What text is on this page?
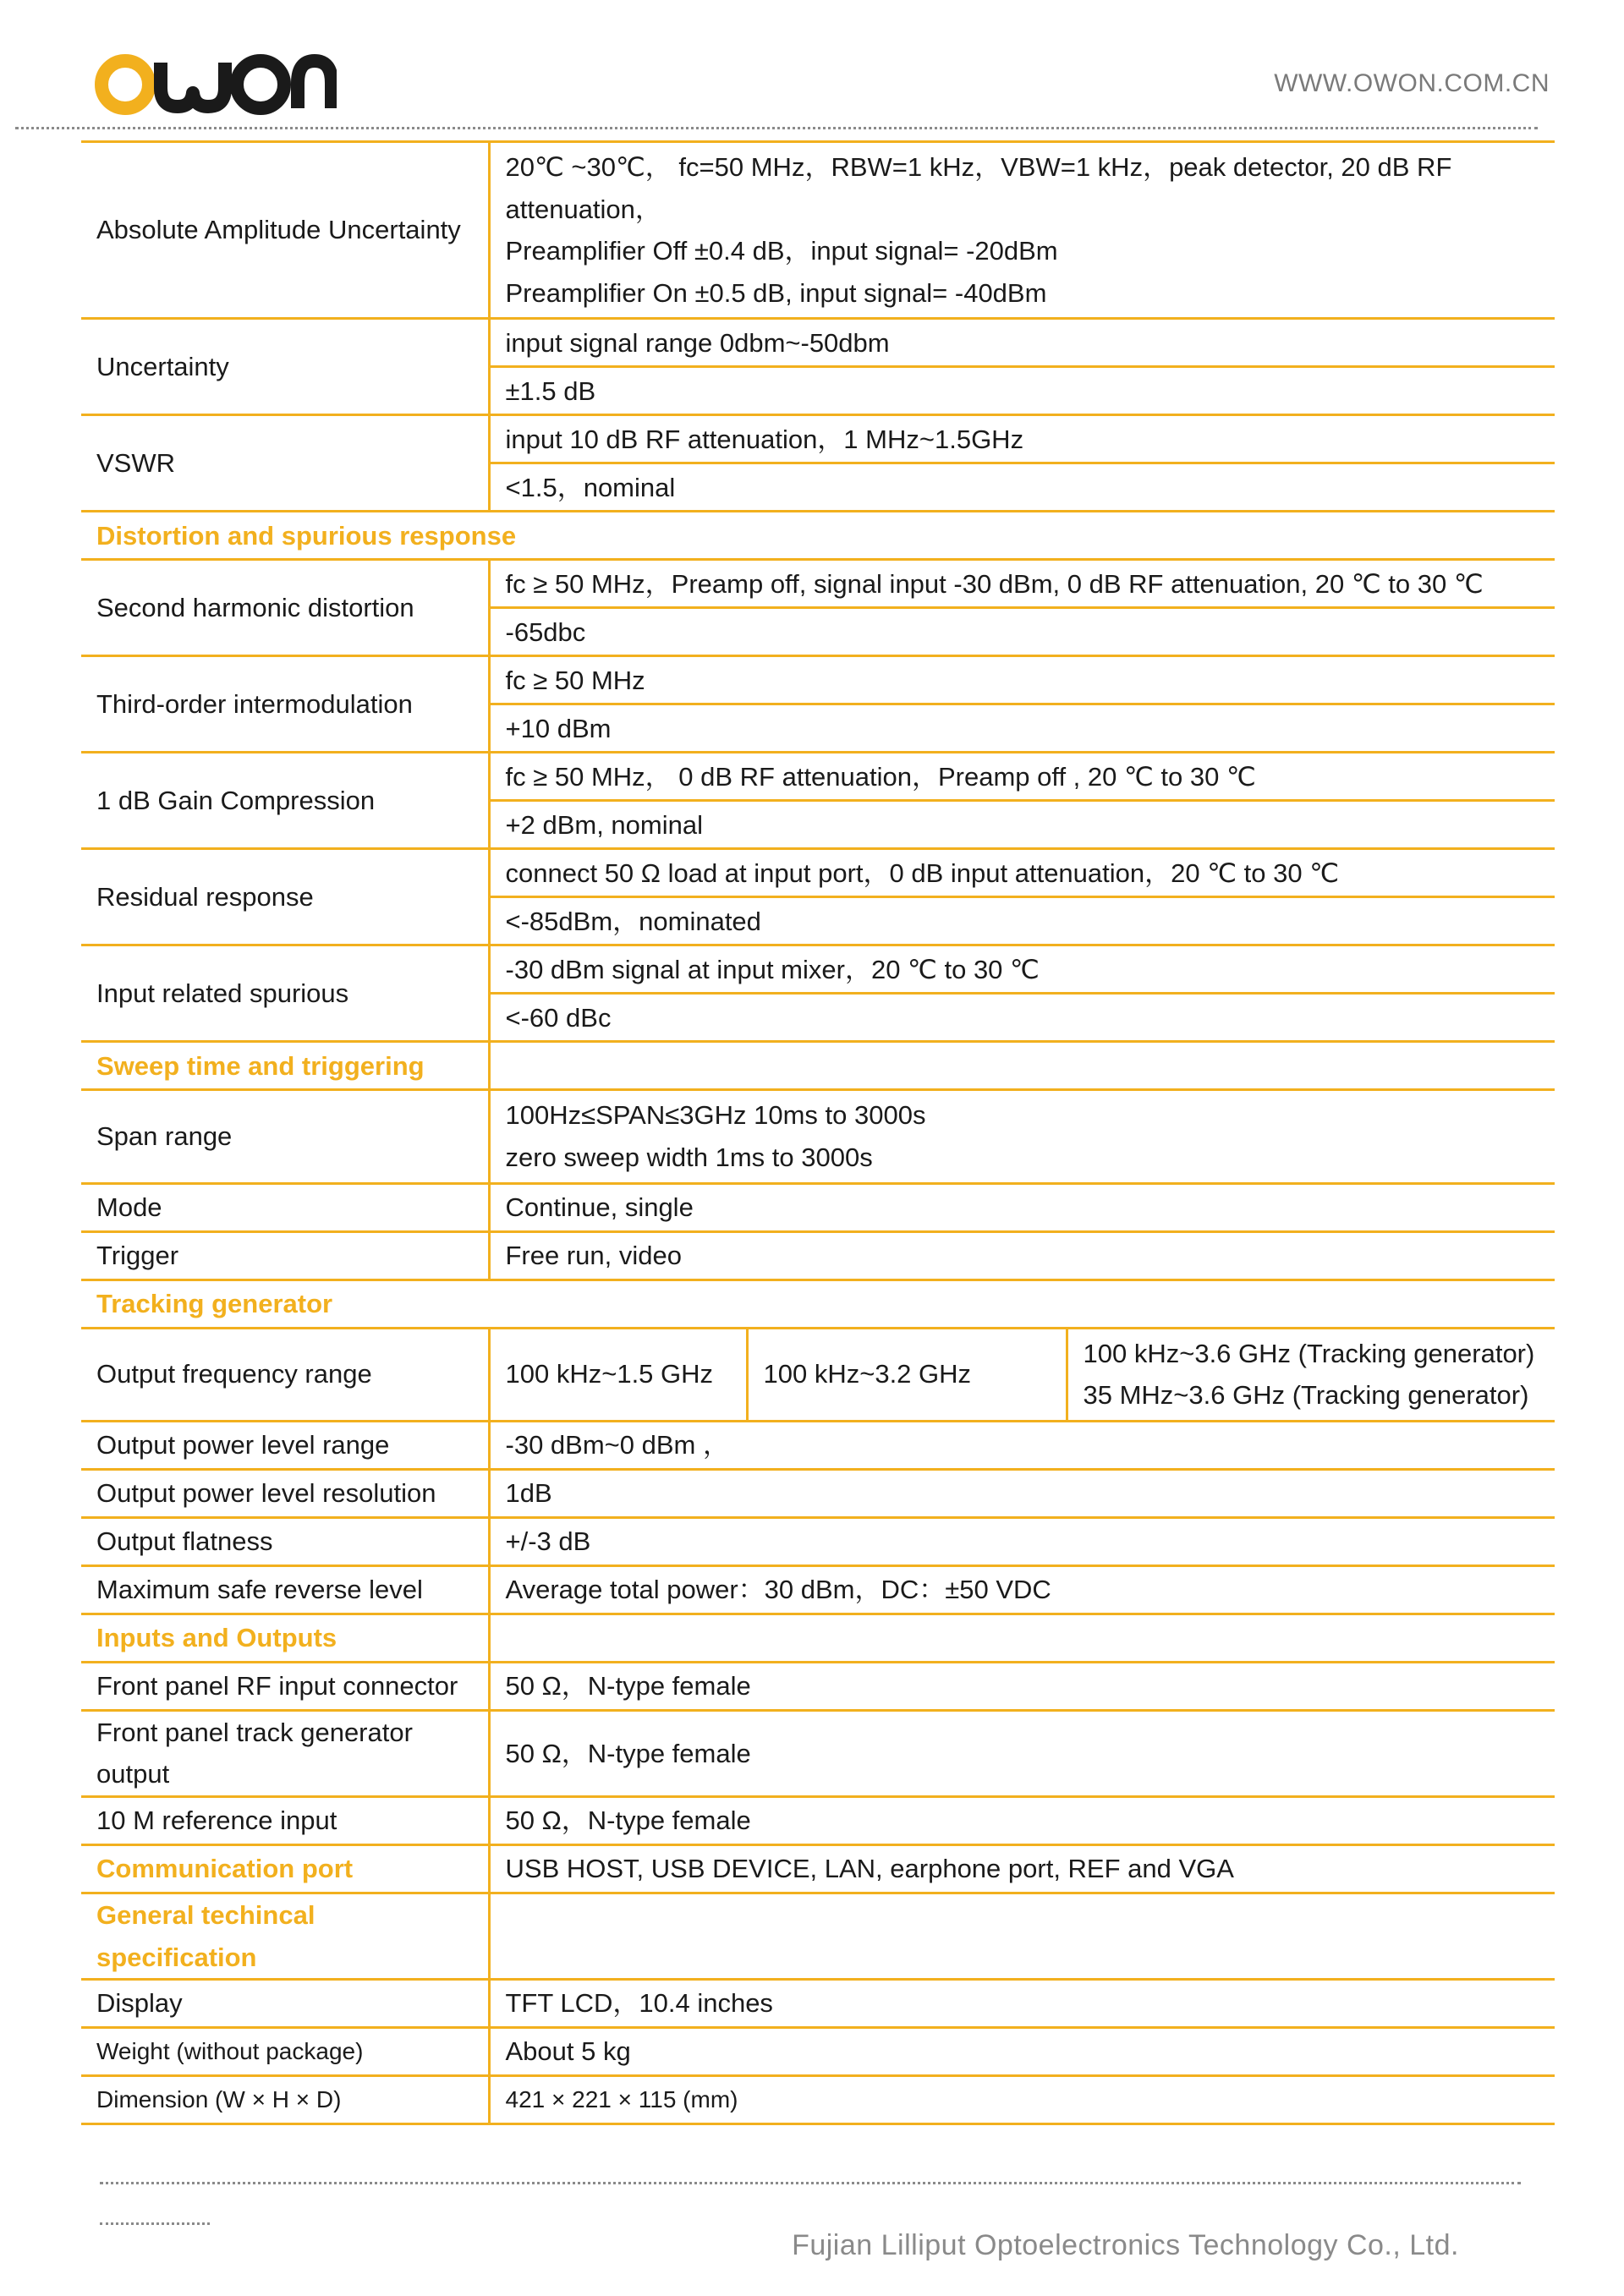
WWW.OWON.COM.CN
Absolute Amplitude Uncertainty	20℃ ~30℃， fc=50 MHz，RBW=1 kHz，VBW=1 kHz，peak detector, 20 dB RF attenuation，
Preamplifier Off ±0.4 dB，input signal= -20dBm
Preamplifier On ±0.5 dB, input signal= -40dBm		

Uncertainty	input signal range 0dbm~-50dbm		
	±1.5 dB		
VSWR	input 10 dB RF attenuation，1 MHz~1.5GHz		
	<1.5，nominal		
Distortion and spurious response			
Second harmonic distortion	fc ≥ 50 MHz，Preamp off, signal input -30 dBm, 0 dB RF attenuation, 20 ℃ to 30 ℃		
	-65dbc		
Third-order intermodulation	fc ≥ 50 MHz		
	+10 dBm		
1 dB Gain Compression	fc ≥ 50 MHz， 0 dB RF attenuation，Preamp off , 20 ℃ to 30 ℃		
	+2 dBm, nominal		
Residual response	connect 50 Ω load at input port，0 dB input attenuation，20 ℃ to 30 ℃		
	<-85dBm，nominated		
Input related spurious	-30 dBm signal at input mixer，20 ℃ to 30 ℃		
	<-60 dBc		
Sweep time and triggering			
Span range	100Hz≤SPAN≤3GHz 10ms to 3000s
zero sweep width 1ms to 3000s		

Mode	Continue, single		
Trigger	Free run, video		
Tracking generator			
Output frequency range	100 kHz~1.5 GHz	100 kHz~3.2 GHz	100 kHz~3.6 GHz (Tracking generator)
35 MHz~3.6 GHz (Tracking generator)

Output power level range	-30 dBm~0 dBm ，		
Output power level resolution	1dB		
Output flatness	+/-3 dB		
Maximum safe reverse level	Average total power：30 dBm，DC：±50 VDC		
Inputs and Outputs			
Front panel RF input connector	50 Ω，N-type female		
Front panel track generator output	50 Ω，N-type female		
10 M reference input	50 Ω，N-type female		
Communication port	USB HOST, USB DEVICE, LAN, earphone port, REF and VGA		
General techincal specification			
Display	TFT LCD，10.4 inches		
Weight (without package)	About 5 kg		
Dimension (W × H × D)	421 × 221 × 115 (mm)		
Fujian Lilliput Optoelectronics Technology Co., Ltd.
